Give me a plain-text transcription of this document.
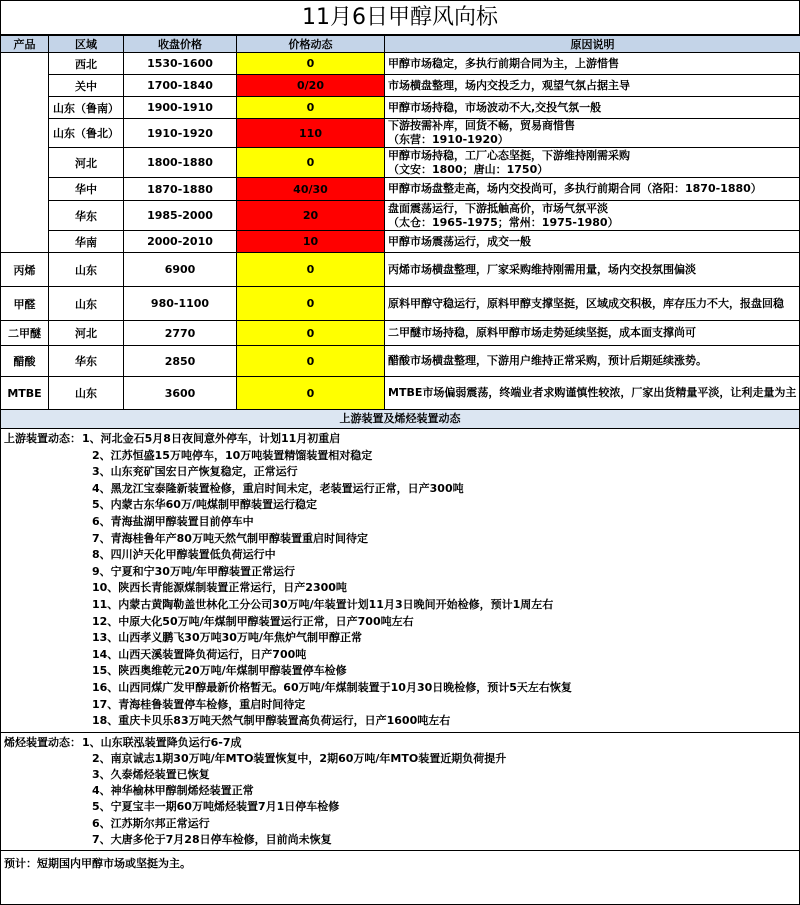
11月6日甲醇风向标
产品	区域	收盘价格	价格动态	原因说明
	西北	1530-1600	0	甲醇市场稳定，多执行前期合同为主，上游惜售

	关中	1700-1840	0/20	市场横盘整理，场内交投乏力，观望气氛占据主导

	山东（鲁南）	1900-1910	0	甲醇市场持稳，市场波动不大,交投气氛一般

	山东（鲁北）	1910-1920	110	下游按需补库，回货不畅，贸易商惜售
（东营：1910-1920）

	河北	1800-1880	0	甲醇市场持稳，工厂心态坚挺，下游维持刚需采购
（文安：1800；唐山：1750）

	华中	1870-1880	40/30	甲醇市场盘整走高，场内交投尚可，多执行前期合同（洛阳：1870-1880）

	华东	1985-2000	20	盘面震荡运行，下游抵触高价，市场气氛平淡
（太仓：1965-1975；常州：1975-1980）

	华南	2000-2010	10	甲醇市场震荡运行，成交一般

丙烯	山东	6900	0	丙烯市场横盘整理，厂家采购维持刚需用量，场内交投氛围偏淡
甲醛	山东	980-1100	0	原料甲醇守稳运行，原料甲醇支撑坚挺，区域成交积极，库存压力不大，报盘回稳
二甲醚	河北	2770	0	二甲醚市场持稳，原料甲醇市场走势延续坚挺，成本面支撑尚可
醋酸	华东	2850	0	醋酸市场横盘整理，下游用户维持正常采购，预计后期延续涨势。
MTBE	山东	3600	0	MTBE市场偏弱震荡，终端业者求购谨慎性较浓，厂家出货精量平淡，让利走量为主
上游装置及烯烃装置动态
上游装置动态： 1、河北金石5月8日夜间意外停车，计划11月初重启
2、江苏恒盛15万吨停车，10万吨装置精馏装置相对稳定
3、山东兖矿国宏日产恢复稳定，正常运行
4、黑龙江宝泰隆新装置检修，重启时间未定，老装置运行正常，日产300吨
5、内蒙古东华60万/吨煤制甲醇装置运行稳定
6、青海盐湖甲醇装置目前停车中
7、青海桂鲁年产80万吨天然气制甲醇装置重启时间待定
8、四川泸天化甲醇装置低负荷运行中
9、宁夏和宁30万吨/年甲醇装置正常运行
10、陕西长青能源煤制装置正常运行，日产2300吨
11、内蒙古黄陶勒盖世林化工分公司30万吨/年装置计划11月3日晚间开始检修，预计1周左右
12、中原大化50万吨/年煤制甲醇装置运行正常，日产700吨左右
13、山西孝义鹏飞30万吨30万吨/年焦炉气制甲醇正常
14、山西天溪装置降负荷运行，日产700吨
15、陕西奥维乾元20万吨/年煤制甲醇装置停车检修
16、山西同煤广发甲醇最新价格暂无。60万吨/年煤制装置于10月30日晚检修，预计5天左右恢复
17、青海桂鲁装置停车检修，重启时间待定
18、重庆卡贝乐83万吨天然气制甲醇装置高负荷运行，日产1600吨左右
烯烃装置动态： 1、山东联泓装置降负运行6-7成
2、南京诚志1期30万吨/年MTO装置恢复中，2期60万吨/年MTO装置近期负荷提升
3、久泰烯烃装置已恢复
4、神华榆林甲醇制烯烃装置正常
5、宁夏宝丰一期60万吨烯烃装置7月1日停车检修
6、江苏斯尔邦正常运行
7、大唐多伦于7月28日停车检修，目前尚未恢复
预计：短期国内甲醇市场或坚挺为主。
